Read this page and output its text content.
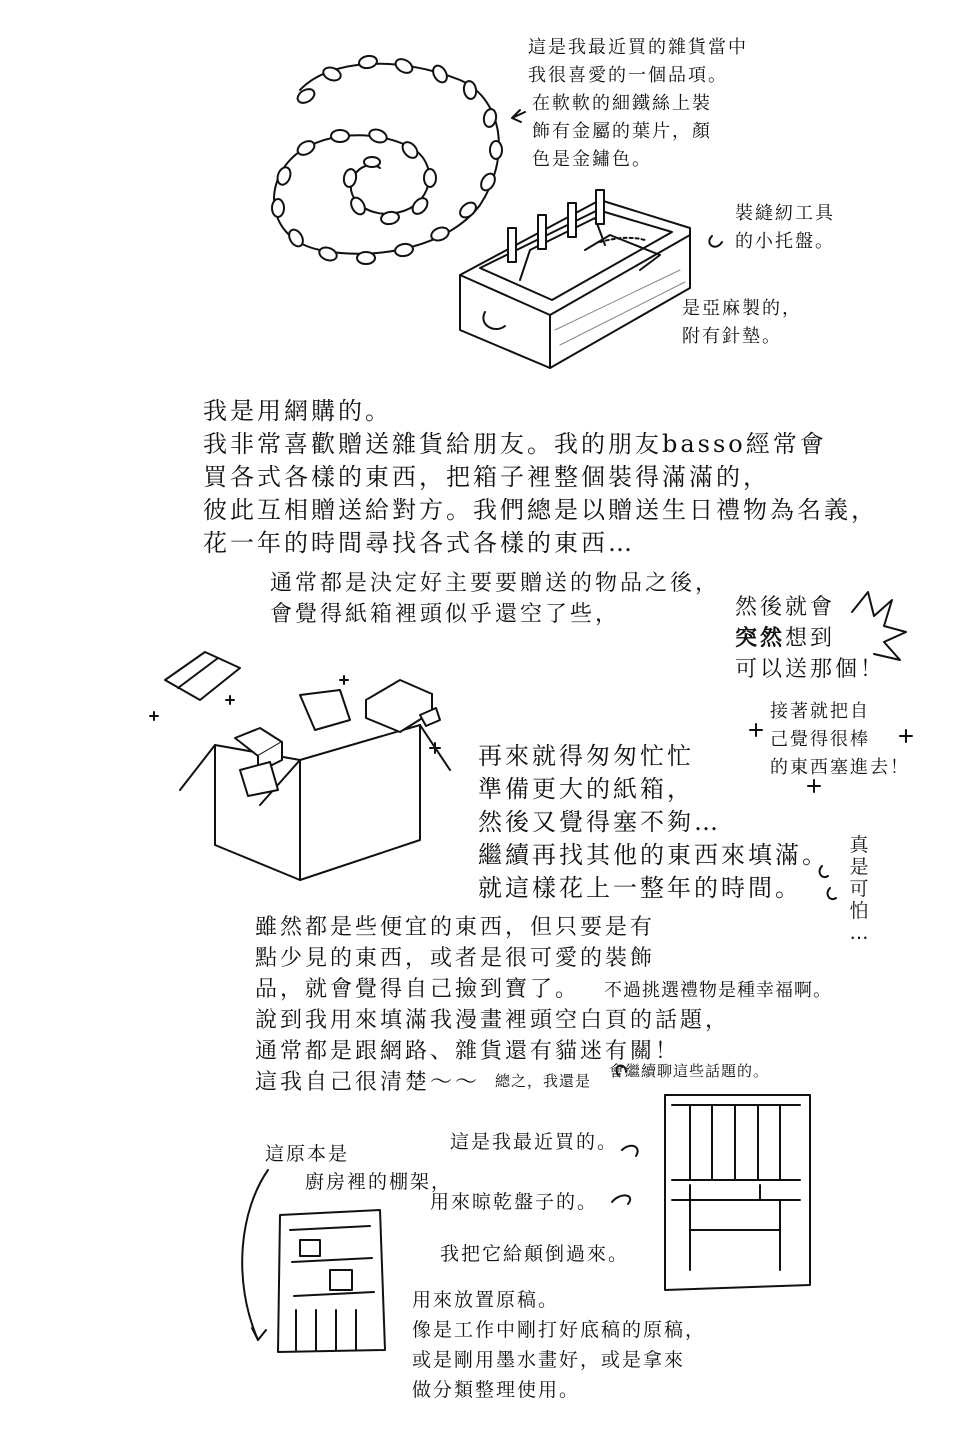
這是我最近買的雜貨當中
我很喜愛的一個品項。
在軟軟的細鐵絲上裝
飾有金屬的葉片，顏
色是金鏽色。
裝縫紉工具
的小托盤。
是亞麻製的，
附有針墊。
我是用網購的。
我非常喜歡贈送雜貨給朋友。我的朋友basso經常會
買各式各樣的東西，把箱子裡整個裝得滿滿的，
彼此互相贈送給對方。我們總是以贈送生日禮物為名義，
花一年的時間尋找各式各樣的東西…
通常都是決定好主要要贈送的物品之後，
會覺得紙箱裡頭似乎還空了些，	然後就會
突然想到
可以送那個！
接著就把自
己覺得很棒
的東西塞進去！
再來就得匆匆忙忙
準備更大的紙箱，
然後又覺得塞不夠…
繼續再找其他的東西來填滿。
就這樣花上一整年的時間。
真
是
可
怕
…
雖然都是些便宜的東西，但只要是有
點少見的東西，或者是很可愛的裝飾
品，就會覺得自己撿到寶了。 不過挑選禮物是種幸福啊。
說到我用來填滿我漫畫裡頭空白頁的話題，
通常都是跟網路、雜貨還有貓迷有關！
這我自己很清楚～～ 總之，我還是會繼續聊這些話題的。
這是我最近買的。
這原本是
廚房裡的棚架，
用來晾乾盤子的。
我把它給顛倒過來。
用來放置原稿。
像是工作中剛打好底稿的原稿，
或是剛用墨水畫好，或是拿來
做分類整理使用。
